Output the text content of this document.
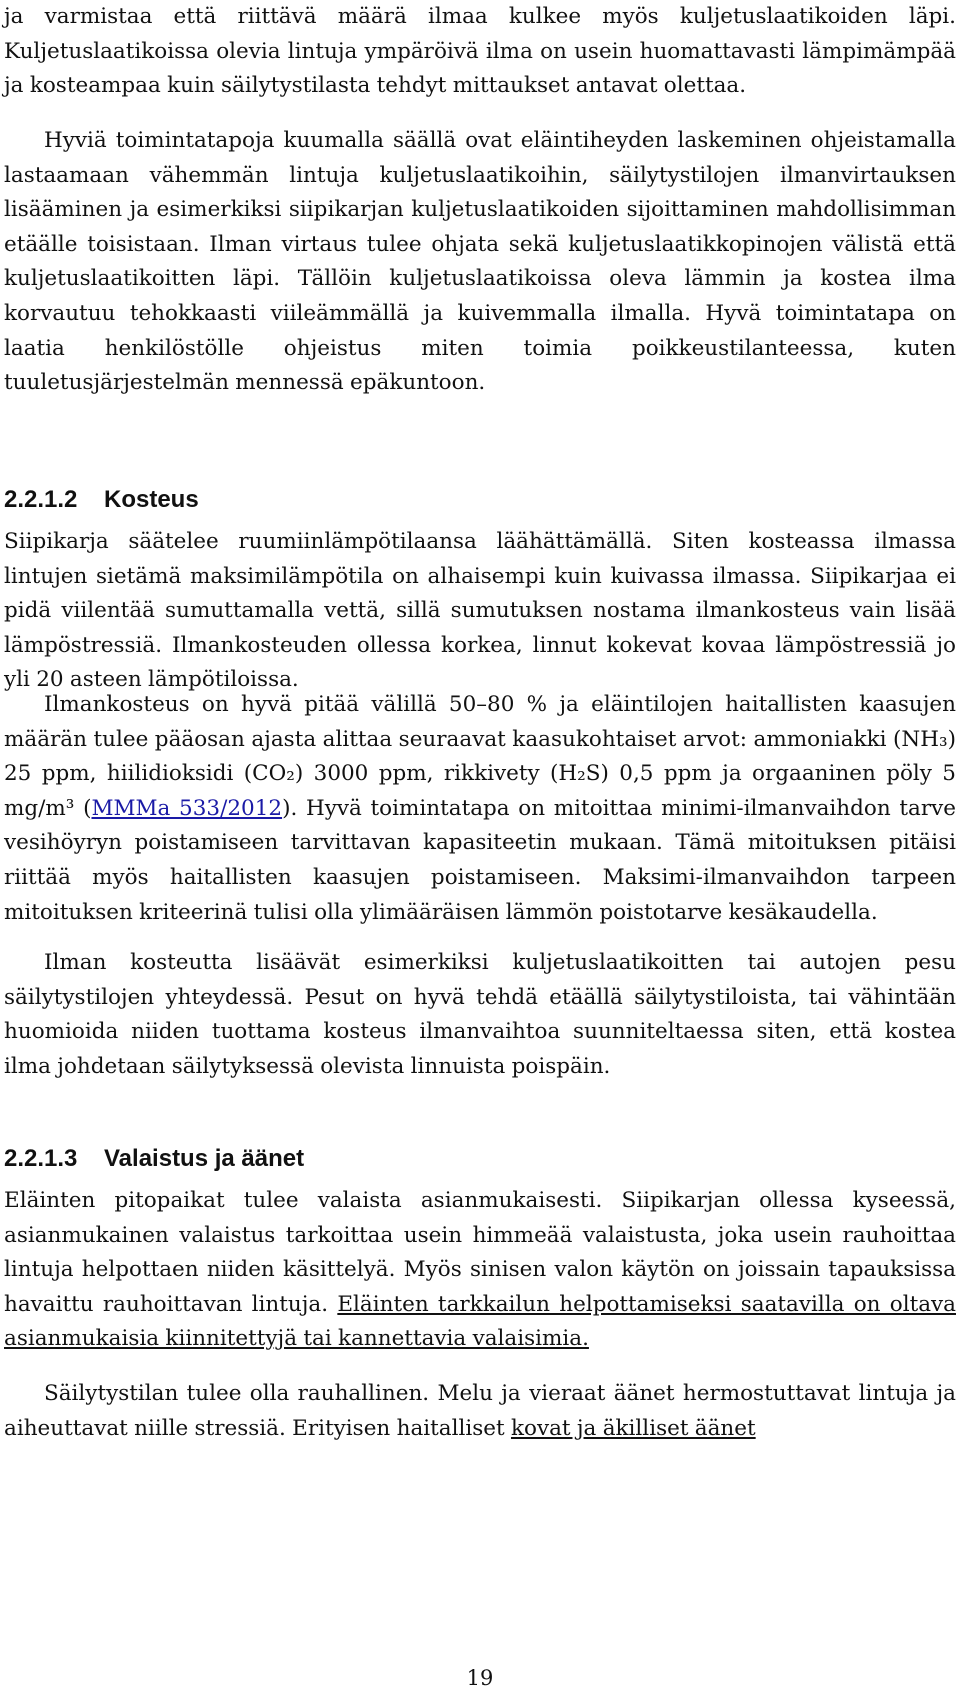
ja varmistaa että riittävä määrä ilmaa kulkee myös kuljetuslaatikoiden läpi. Kuljetuslaatikoissa olevia lintuja ympäröivä ilma on usein huomattavasti lämpimämpää ja kosteampaa kuin säilytystilasta tehdyt mittaukset antavat olettaa.

Hyviä toimintatapoja kuumalla säällä ovat eläintiheyden laskeminen ohjeistamalla lastaamaan vähemmän lintuja kuljetuslaatikoihin, säilytystilojen ilmanvirtauksen lisääminen ja esimerkiksi siipikarjan kuljetuslaatikoiden sijoittaminen mahdollisimman etäälle toisistaan. Ilman virtaus tulee ohjata sekä kuljetuslaatikkopinojen välistä että kuljetuslaatikoitten läpi. Tällöin kuljetuslaatikoissa oleva lämmin ja kostea ilma korvautuu tehokkaasti viileämmällä ja kuivemmalla ilmalla. Hyvä toimintatapa on laatia henkilöstölle ohjeistus miten toimia poikkeustilanteessa, kuten tuuletusjärjestelmän mennessä epäkuntoon.

2.2.1.2 Kosteus

Siipikarja säätelee ruumiinlämpötilaansa läähättämällä. Siten kosteassa ilmassa lintujen sietämä maksimilämpötila on alhaisempi kuin kuivassa ilmassa. Siipikarjaa ei pidä viilentää sumuttamalla vettä, sillä sumutuksen nostama ilmankosteus vain lisää lämpöstressiä. Ilmankosteuden ollessa korkea, linnut kokevat kovaa lämpöstressiä jo yli 20 asteen lämpötiloissa.

Ilmankosteus on hyvä pitää välillä 50–80 % ja eläintilojen haitallisten kaasujen määrän tulee pääosan ajasta alittaa seuraavat kaasukohtaiset arvot: ammoniakki (NH₃) 25 ppm, hiilidioksidi (CO₂) 3000 ppm, rikkivety (H₂S) 0,5 ppm ja orgaaninen pöly 5 mg/m³ (MMMa 533/2012). Hyvä toimintatapa on mitoittaa minimi-ilmanvaihdon tarve vesihöyryn poistamiseen tarvittavan kapasiteetin mukaan. Tämä mitoituksen pitäisi riittää myös haitallisten kaasujen poistamiseen. Maksimi-ilmanvaihdon tarpeen mitoituksen kriteerinä tulisi olla ylimääräisen lämmön poistotarve kesäkaudella.

Ilman kosteutta lisäävät esimerkiksi kuljetuslaatikoitten tai autojen pesu säilytystilojen yhteydessä. Pesut on hyvä tehdä etäällä säilytystiloista, tai vähintään huomioida niiden tuottama kosteus ilmanvaihtoa suunniteltaessa siten, että kostea ilma johdetaan säilytyksessä olevista linnuista poispäin.

2.2.1.3 Valaistus ja äänet

Eläinten pitopaikat tulee valaista asianmukaisesti. Siipikarjan ollessa kyseessä, asianmukainen valaistus tarkoittaa usein himmeää valaistusta, joka usein rauhoittaa lintuja helpottaen niiden käsittelyä. Myös sinisen valon käytön on joissain tapauksissa havaittu rauhoittavan lintuja. Eläinten tarkkailun helpottamiseksi saatavilla on oltava asianmukaisia kiinnitettyjä tai kannettavia valaisimia.

Säilytystilan tulee olla rauhallinen. Melu ja vieraat äänet hermostuttavat lintuja ja aiheuttavat niille stressiä. Erityisen haitalliset kovat ja äkilliset äänet

19
